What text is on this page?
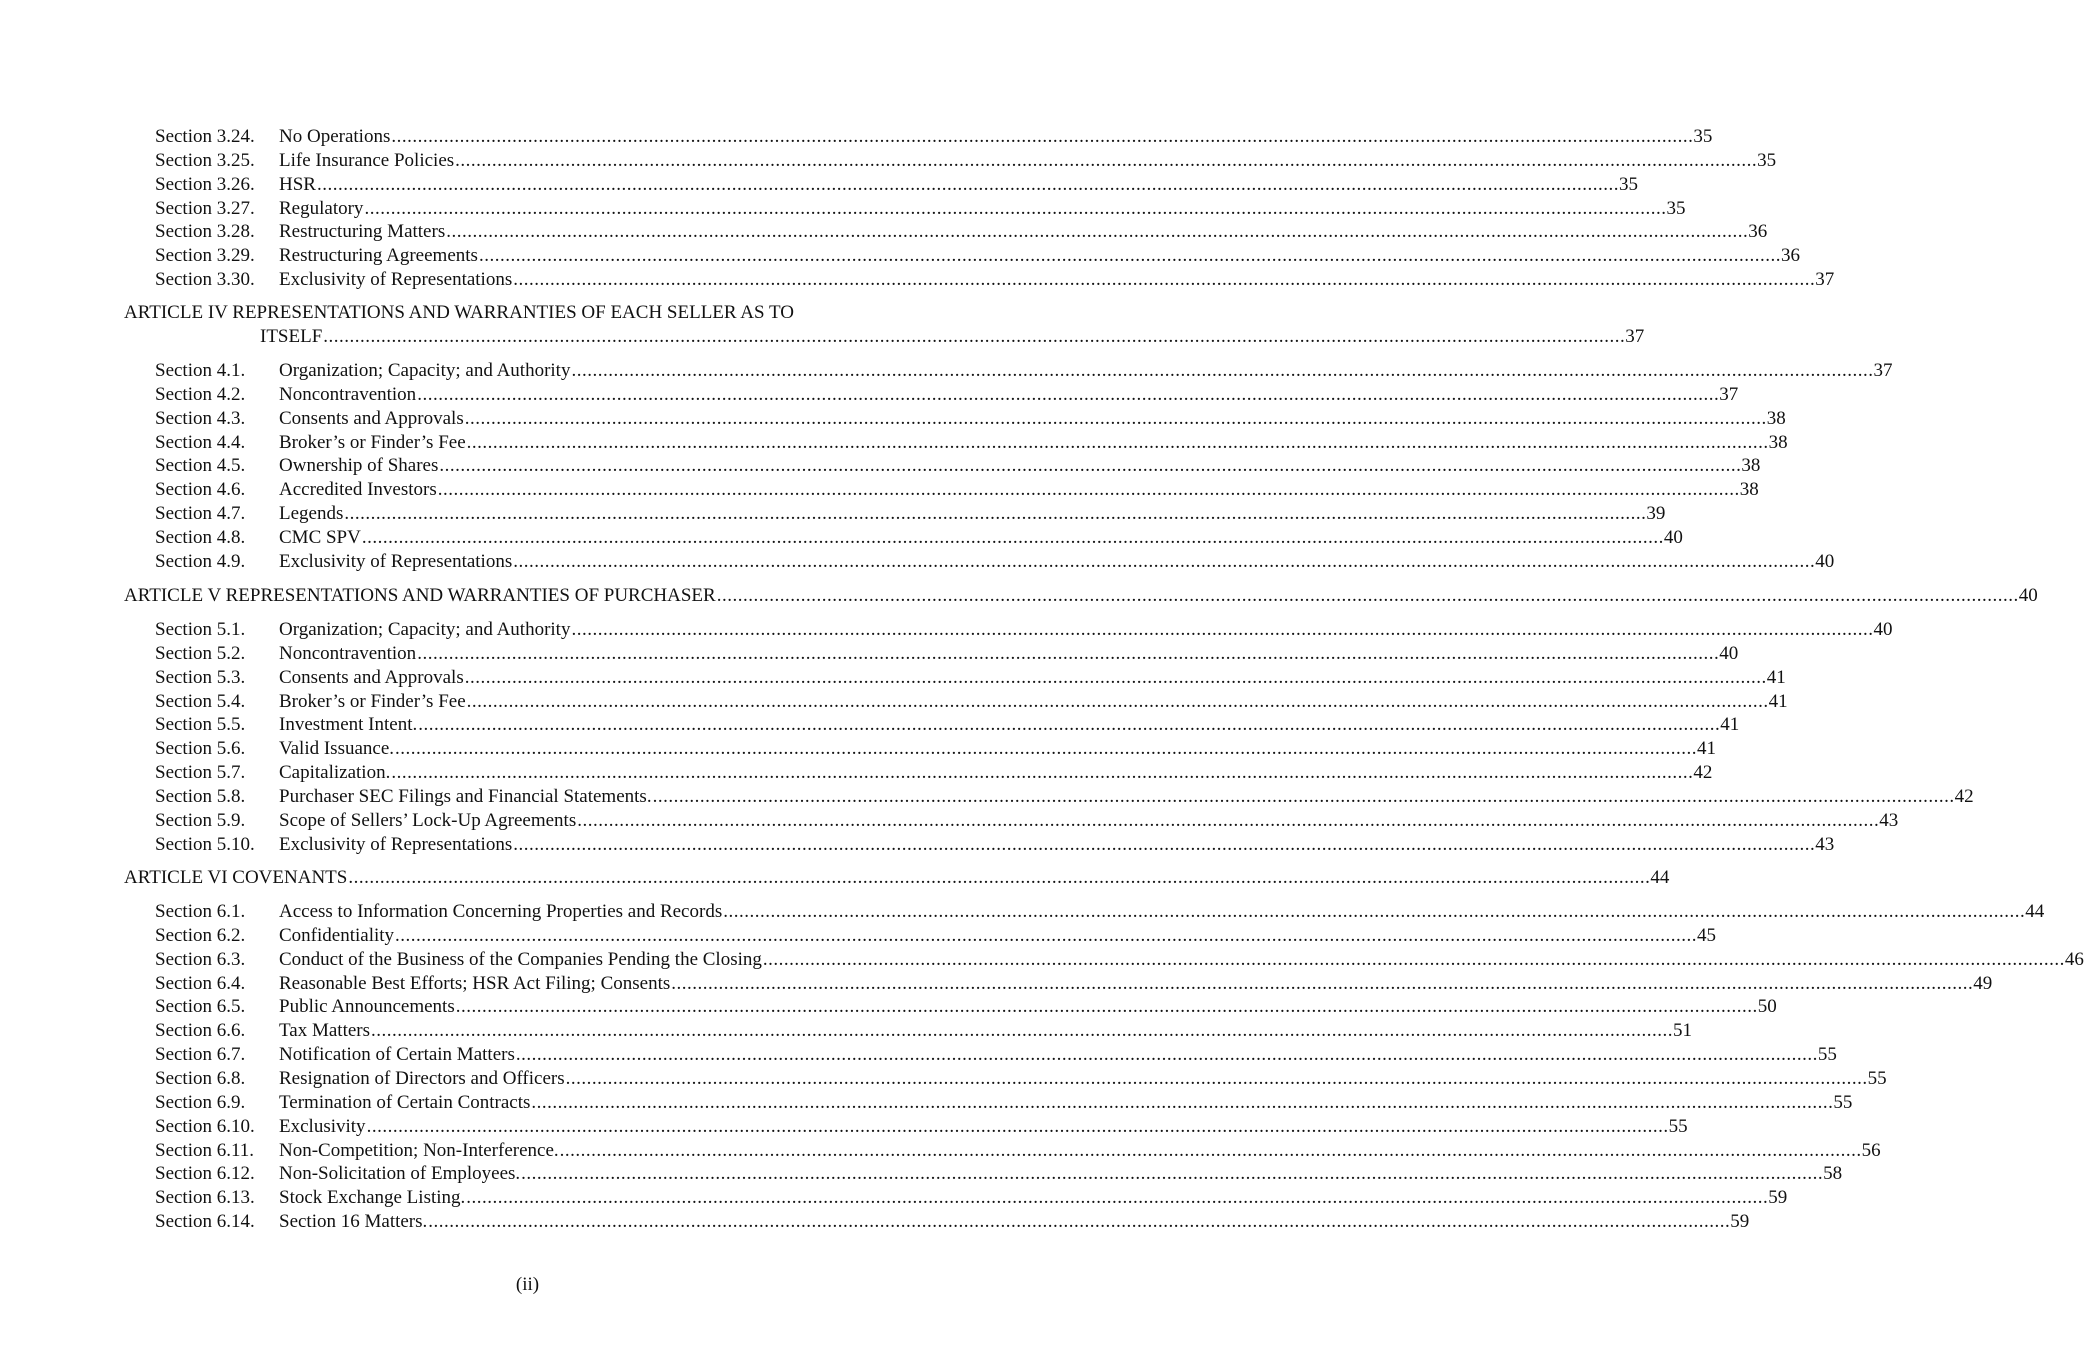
Section 3.24.	No Operations .....	35
Section 3.25.	Life Insurance Policies .....	35
Section 3.26.	HSR .....	35
Section 3.27.	Regulatory .....	35
Section 3.28.	Restructuring Matters .....	36
Section 3.29.	Restructuring Agreements .....	36
Section 3.30.	Exclusivity of Representations .....	37
ARTICLE IV REPRESENTATIONS AND WARRANTIES OF EACH SELLER AS TO
ITSELF .....	37
Section 4.1.	Organization; Capacity; and Authority .....	37
Section 4.2.	Noncontravention .....	37
Section 4.3.	Consents and Approvals .....	38
Section 4.4.	Broker’s or Finder’s Fee .....	38
Section 4.5.	Ownership of Shares .....	38
Section 4.6.	Accredited Investors .....	38
Section 4.7.	Legends .....	39
Section 4.8.	CMC SPV .....	40
Section 4.9.	Exclusivity of Representations .....	40
ARTICLE V REPRESENTATIONS AND WARRANTIES OF PURCHASER .....	40
Section 5.1.	Organization; Capacity; and Authority .....	40
Section 5.2.	Noncontravention .....	40
Section 5.3.	Consents and Approvals .....	41
Section 5.4.	Broker’s or Finder’s Fee .....	41
Section 5.5.	Investment Intent. .....	41
Section 5.6.	Valid Issuance. .....	41
Section 5.7.	Capitalization. .....	42
Section 5.8.	Purchaser SEC Filings and Financial Statements. .....	42
Section 5.9.	Scope of Sellers’ Lock-Up Agreements .....	43
Section 5.10.	Exclusivity of Representations .....	43
ARTICLE VI COVENANTS .....	44
Section 6.1.	Access to Information Concerning Properties and Records .....	44
Section 6.2.	Confidentiality .....	45
Section 6.3.	Conduct of the Business of the Companies Pending the Closing .....	46
Section 6.4.	Reasonable Best Efforts; HSR Act Filing; Consents .....	49
Section 6.5.	Public Announcements .....	50
Section 6.6.	Tax Matters .....	51
Section 6.7.	Notification of Certain Matters .....	55
Section 6.8.	Resignation of Directors and Officers .....	55
Section 6.9.	Termination of Certain Contracts .....	55
Section 6.10.	Exclusivity .....	55
Section 6.11.	Non-Competition; Non-Interference. .....	56
Section 6.12.	Non-Solicitation of Employees. .....	58
Section 6.13.	Stock Exchange Listing. .....	59
Section 6.14.	Section 16 Matters. .....	59
(ii)
